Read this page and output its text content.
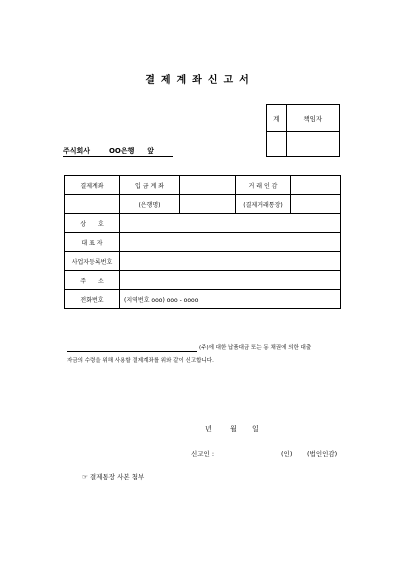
결제계좌신고서
계	책임자

주식회사	OO은행 앞
결제계좌	입 금 계 좌		거 래 인 감	
	(은행명)		(결제거래통장)	
상　　호				
대 표 자				
사업자등록번호				
주　　소				
전화번호	(지역번호 ooo) ooo - oooo			
(주)에 대한 납품대금 또는 동 채권에 의한 대출
자금의 수령을 위해 사용할 결제계좌를 위와 같이 신고합니다.
년	월 일
신고인 :	(인) (법인인감)
☞ 결제통장 사본 첨부
